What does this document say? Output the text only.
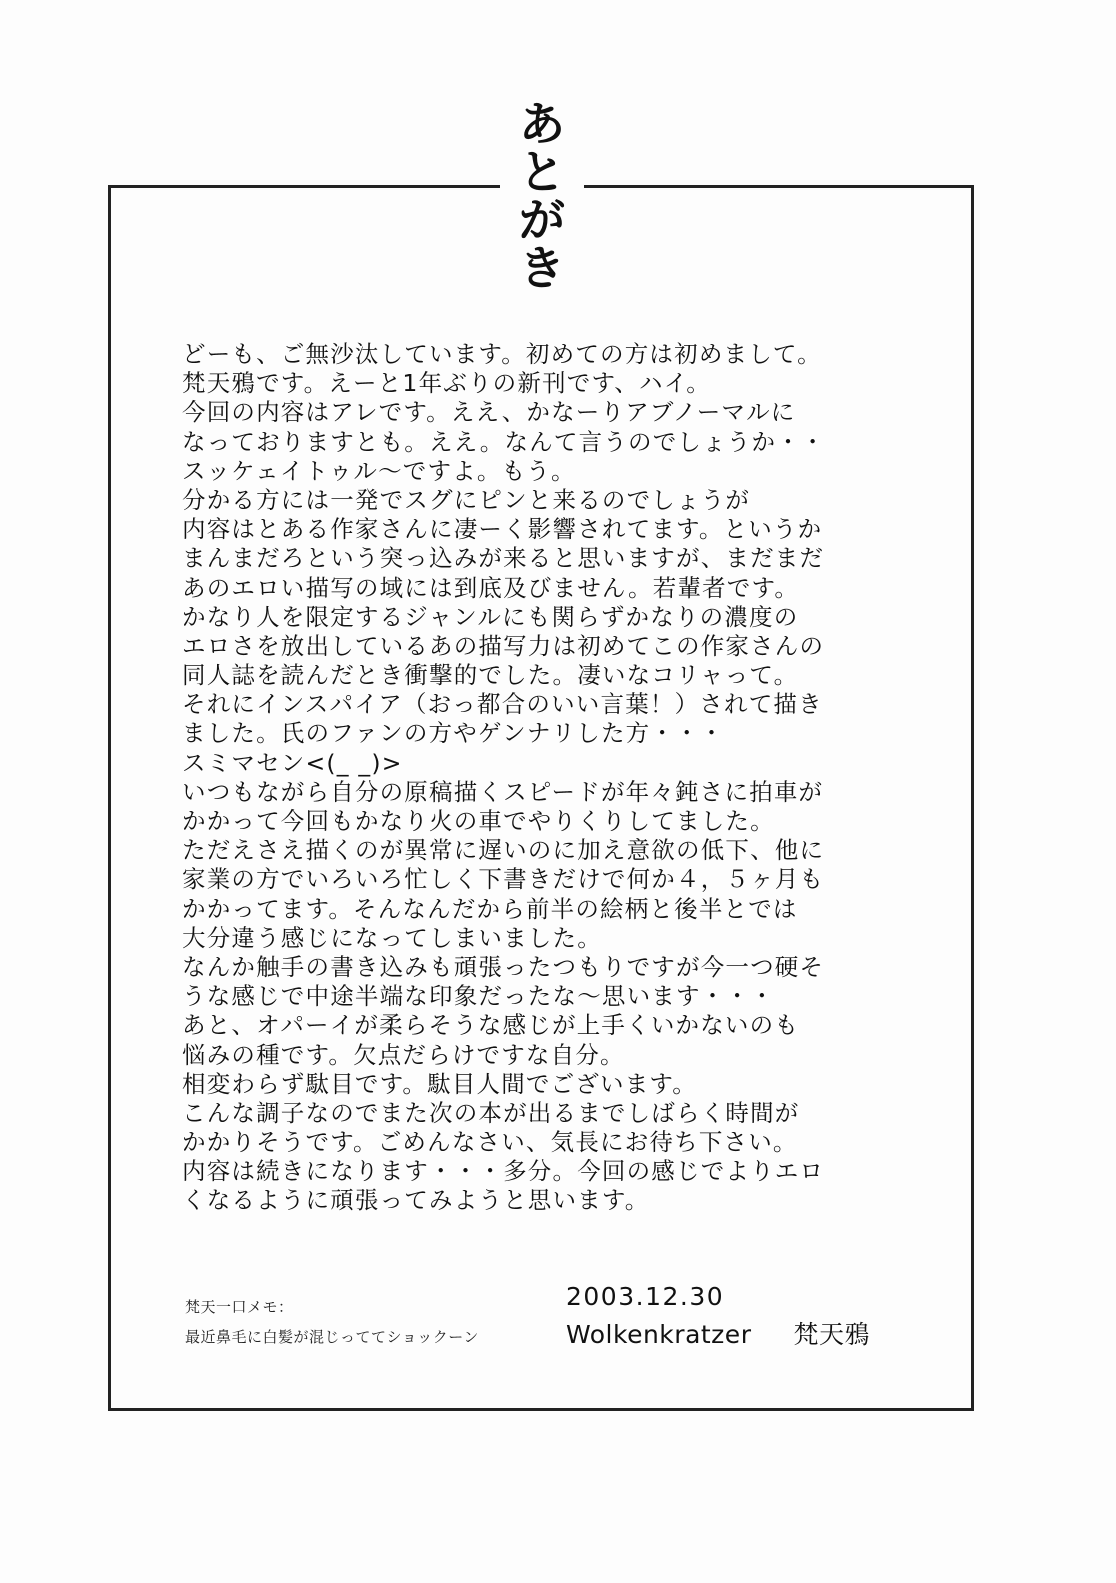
あ
と
が
き
どーも、ご無沙汰しています。初めての方は初めまして。
梵天鴉です。えーと1年ぶりの新刊です、ハイ。
今回の内容はアレです。ええ、かなーりアブノーマルに
なっておりますとも。ええ。なんて言うのでしょうか・・
スッケェイトゥル～ですよ。もう。
分かる方には一発でスグにピンと来るのでしょうが
内容はとある作家さんに凄ーく影響されてます。というか
まんまだろという突っ込みが来ると思いますが、まだまだ
あのエロい描写の域には到底及びません。若輩者です。
かなり人を限定するジャンルにも関らずかなりの濃度の
エロさを放出しているあの描写力は初めてこの作家さんの
同人誌を読んだとき衝撃的でした。凄いなコリャって。
それにインスパイア（おっ都合のいい言葉！）されて描き
ました。氏のファンの方やゲンナリした方・・・
スミマセン<(_ _)>
いつもながら自分の原稿描くスピードが年々鈍さに拍車が
かかって今回もかなり火の車でやりくりしてました。
ただえさえ描くのが異常に遅いのに加え意欲の低下、他に
家業の方でいろいろ忙しく下書きだけで何か４，５ヶ月も
かかってます。そんなんだから前半の絵柄と後半とでは
大分違う感じになってしまいました。
なんか触手の書き込みも頑張ったつもりですが今一つ硬そ
うな感じで中途半端な印象だったな～思います・・・
あと、オパーイが柔らそうな感じが上手くいかないのも
悩みの種です。欠点だらけですな自分。
相変わらず駄目です。駄目人間でございます。
こんな調子なのでまた次の本が出るまでしばらく時間が
かかりそうです。ごめんなさい、気長にお待ち下さい。
内容は続きになります・・・多分。今回の感じでよりエロ
くなるように頑張ってみようと思います。
梵天一口メモ：
最近鼻毛に白髪が混じっててショックーン
2003.12.30
Wolkenkratzer 梵天鴉
